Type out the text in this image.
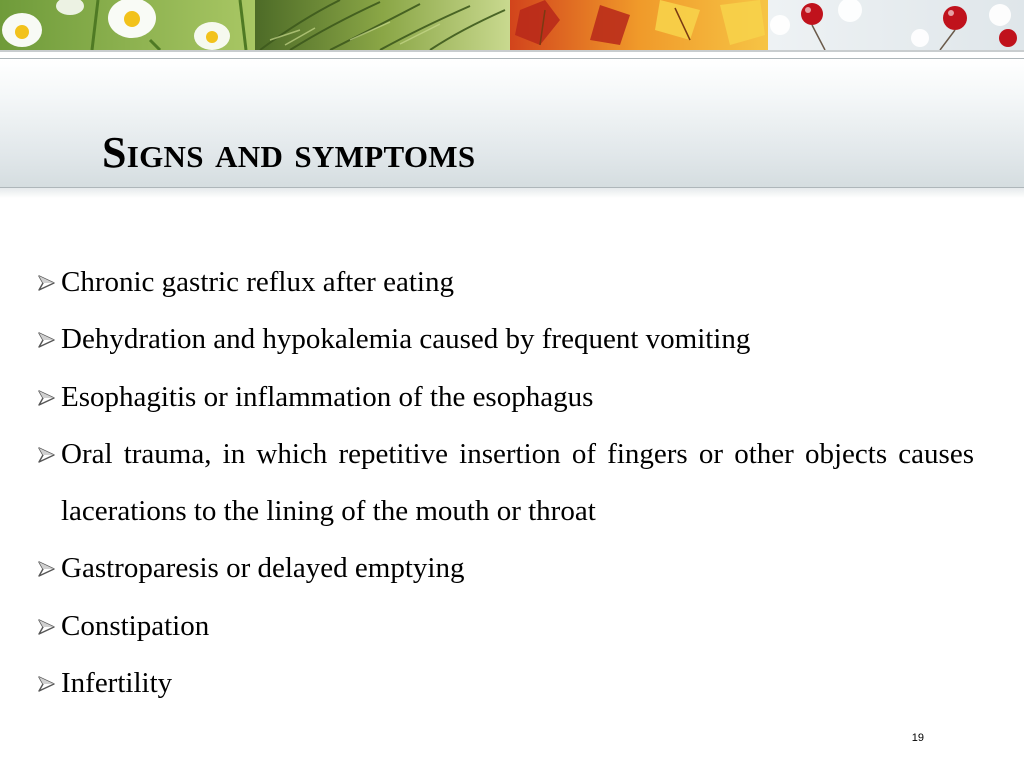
Signs and symptoms
Chronic gastric reflux after eating
Dehydration and hypokalemia caused by frequent vomiting
Esophagitis or inflammation of the esophagus
Oral trauma, in which repetitive insertion of fingers or other objects causes lacerations to the lining of the mouth or throat
Gastroparesis or delayed emptying
Constipation
Infertility
19
